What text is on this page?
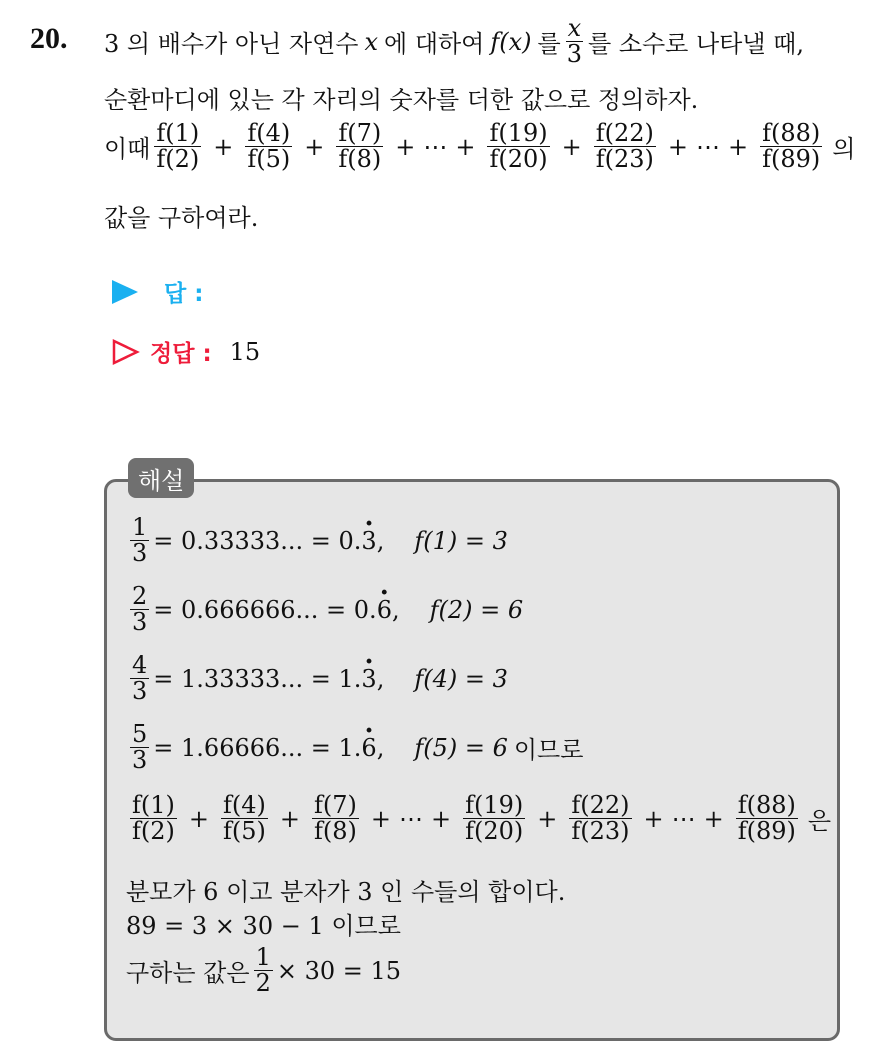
20. 3 의 배수가 아닌 자연수 x 에 대하여 f(x) 를 $\frac{x}{3}$ 를 소수로 나타낼 때,
순환마디에 있는 각 자리의 숫자를 더한 값으로 정의하자.
이때 $\frac{f(1)}{f(2)} + \frac{f(4)}{f(5)} + \frac{f(7)}{f(8)}$ + ⋯ + $\frac{f(19)}{f(20)} + \frac{f(22)}{f(23)}$ + ⋯ + $\frac{f(88)}{f(89)}$ 의
값을 구하여라.
답 :
정답 : 15
해설
$\frac{1}{3} = 0.33333$... = 0. · 3 , f(1) = 3
$\frac{2}{3} = 0.666666$... = 0. · 6 , f(2) = 6
$\frac{4}{3} = 1.33333$... = 1. · 3 , f(4) = 3
$\frac{5}{3} = 1.66666$... = 1. · 6 , f(5) = 6 이므로
$\frac{f(1)}{f(2)} + \frac{f(4)}{f(5)} + \frac{f(7)}{f(8)}$ + ⋯ + $\frac{f(19)}{f(20)} + \frac{f(22)}{f(23)}$ + ⋯ + $\frac{f(88)}{f(89)}$ 은
분모가 6 이고 분자가 3 인 수들의 합이다.
89 = 3 × 30 − 1 이므로
구하는 값은 $\frac{1}{2} \times 30 = 15$
